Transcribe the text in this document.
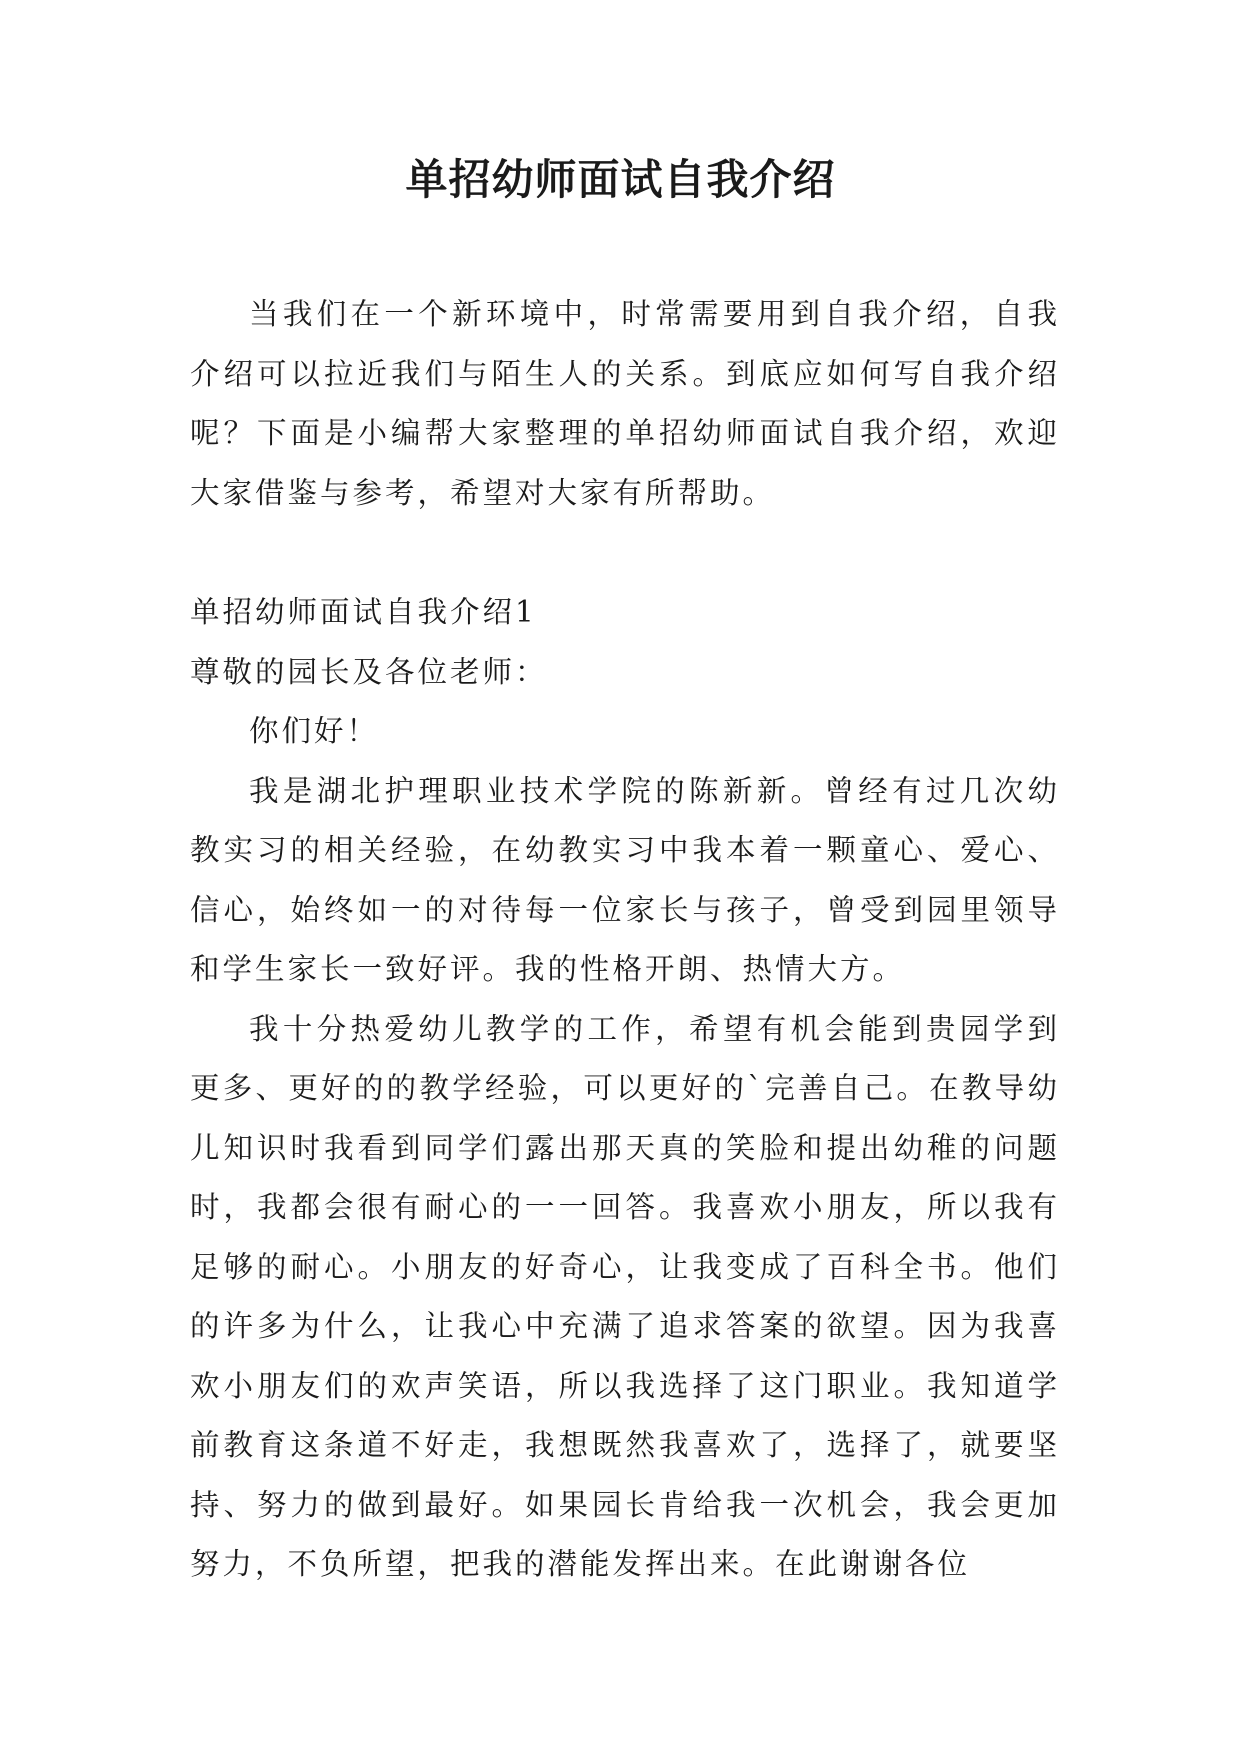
单招幼师面试自我介绍

当我们在一个新环境中，时常需要用到自我介绍，自我介绍可以拉近我们与陌生人的关系。到底应如何写自我介绍呢？下面是小编帮大家整理的单招幼师面试自我介绍，欢迎大家借鉴与参考，希望对大家有所帮助。

单招幼师面试自我介绍1

尊敬的园长及各位老师：

你们好！

我是湖北护理职业技术学院的陈新新。曾经有过几次幼教实习的相关经验，在幼教实习中我本着一颗童心、爱心、信心，始终如一的对待每一位家长与孩子，曾受到园里领导和学生家长一致好评。我的性格开朗、热情大方。

我十分热爱幼儿教学的工作，希望有机会能到贵园学到更多、更好的的教学经验，可以更好的`完善自己。在教导幼儿知识时我看到同学们露出那天真的笑脸和提出幼稚的问题时，我都会很有耐心的一一回答。我喜欢小朋友，所以我有足够的耐心。小朋友的好奇心，让我变成了百科全书。他们的许多为什么，让我心中充满了追求答案的欲望。因为我喜欢小朋友们的欢声笑语，所以我选择了这门职业。我知道学前教育这条道不好走，我想既然我喜欢了，选择了，就要坚持、努力的做到最好。如果园长肯给我一次机会，我会更加努力，不负所望，把我的潜能发挥出来。在此谢谢各位
